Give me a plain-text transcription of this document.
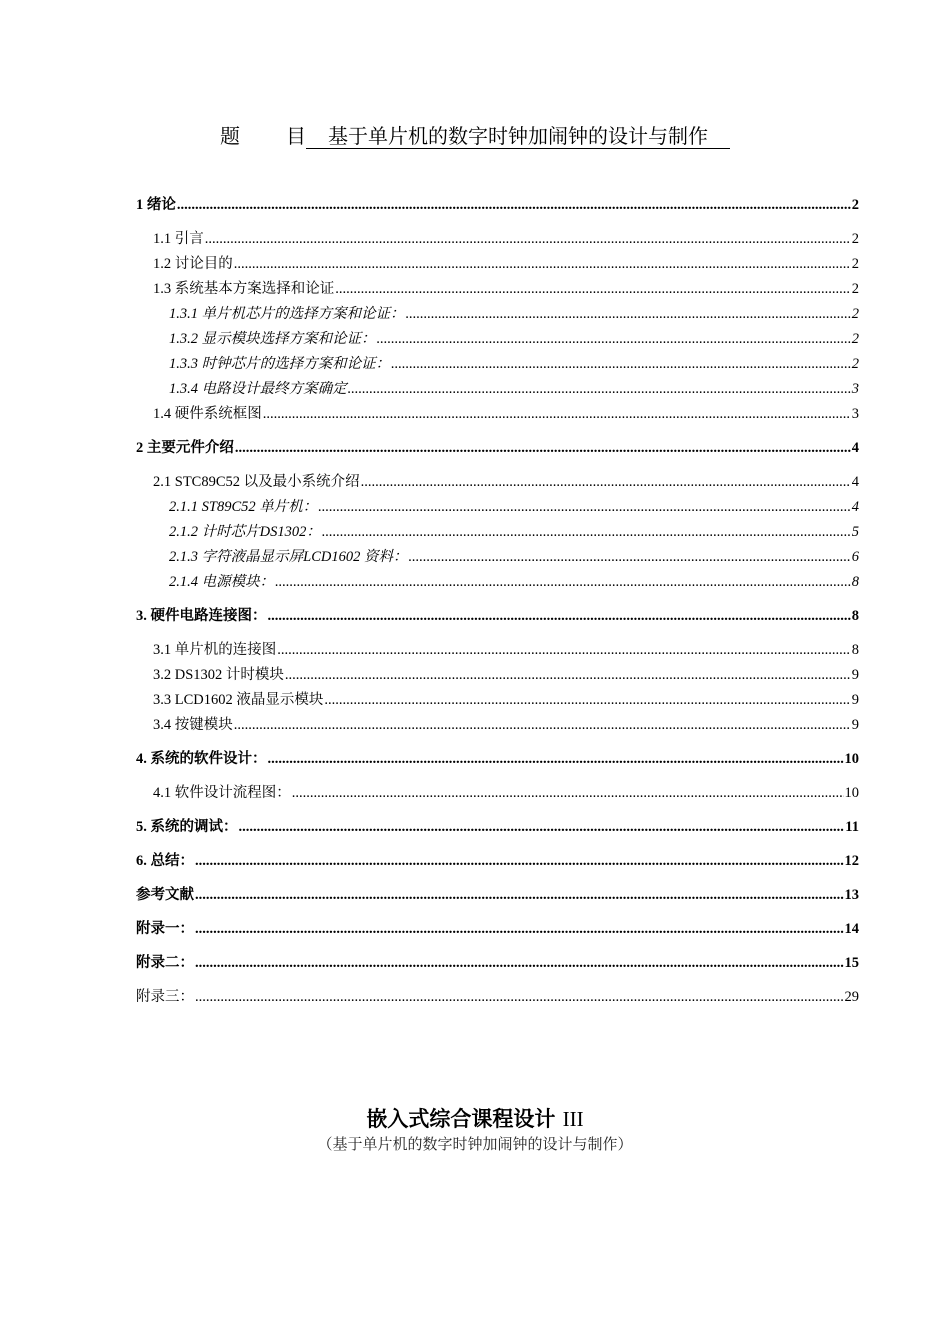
题 目 基于单片机的数字时钟加闹钟的设计与制作
1 绪论 .....	2
1.1 引言 .....	2
1.2 讨论目的 .....	2
1.3 系统基本方案选择和论证 .....	2
1.3.1 单片机芯片的选择方案和论证： .....	2
1.3.2 显示模块选择方案和论证： .....	2
1.3.3 时钟芯片的选择方案和论证： .....	2
1.3.4 电路设计最终方案确定 .....	3
1.4 硬件系统框图 .....	3
2 主要元件介绍 .....	4
2.1 STC89C52 以及最小系统介绍 .....	4
2.1.1 ST89C52 单片机： .....	4
2.1.2 计时芯片DS1302： .....	5
2.1.3 字符液晶显示屏LCD1602 资料： .....	6
2.1.4 电源模块： .....	8
3. 硬件电路连接图： .....	8
3.1 单片机的连接图 .....	8
3.2 DS1302 计时模块 .....	9
3.3 LCD1602 液晶显示模块 .....	9
3.4 按键模块 .....	9
4. 系统的软件设计： .....	10
4.1 软件设计流程图： .....	10
5. 系统的调试： .....	11
6. 总结： .....	12
参考文献 .....	13
附录一： .....	14
附录二： .....	15
附录三： .....	29
嵌入式综合课程设计 III
（基于单片机的数字时钟加闹钟的设计与制作）
